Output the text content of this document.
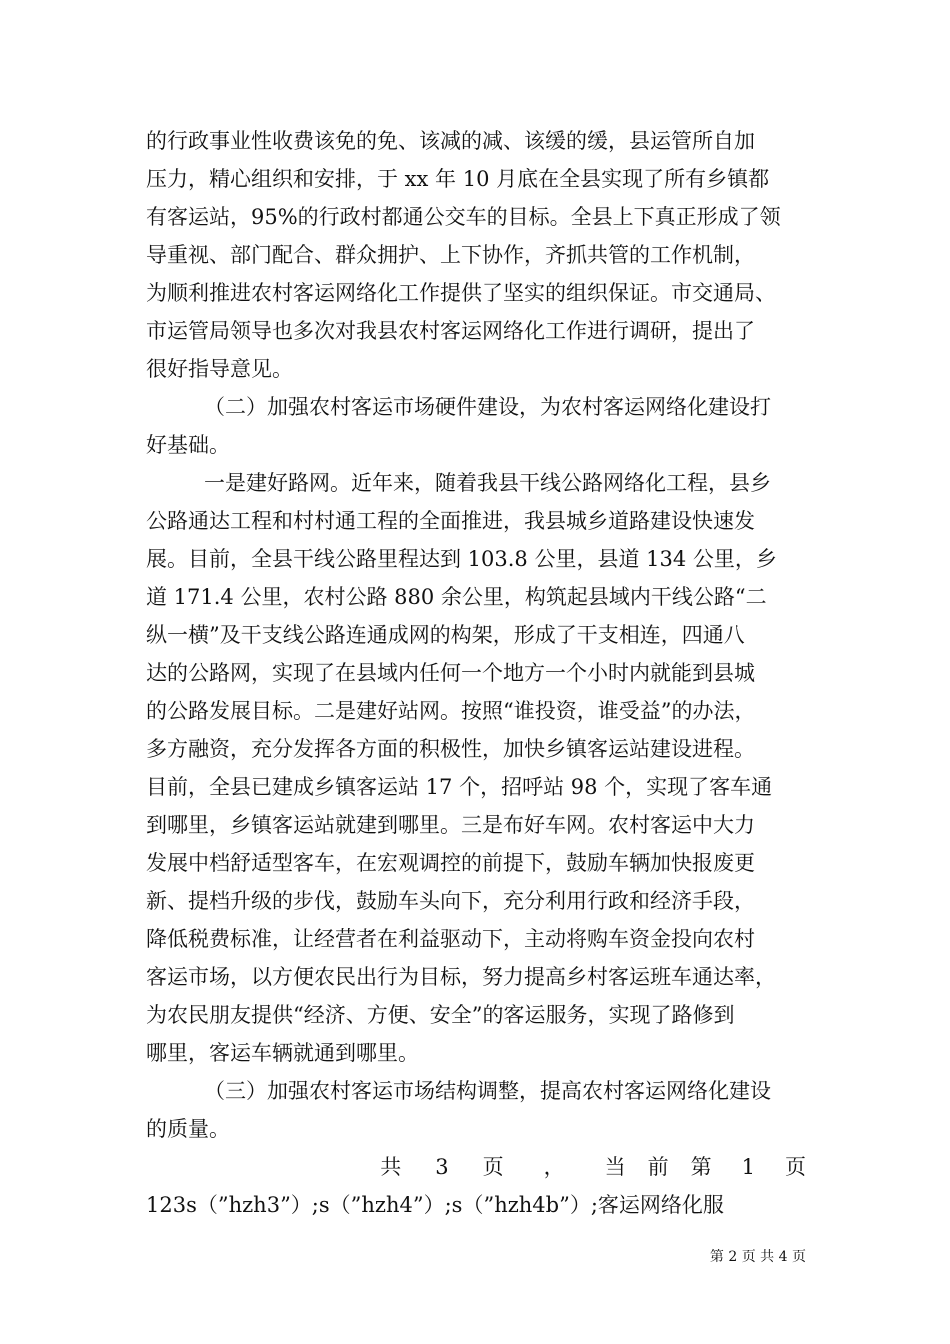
的行政事业性收费该免的免、该减的减、该缓的缓，县运管所自加
压力，精心组织和安排，于 xx 年 10 月底在全县实现了所有乡镇都
有客运站，95%的行政村都通公交车的目标。全县上下真正形成了领
导重视、部门配合、群众拥护、上下协作，齐抓共管的工作机制，
为顺利推进农村客运网络化工作提供了坚实的组织保证。市交通局、
市运管局领导也多次对我县农村客运网络化工作进行调研，提出了
很好指导意见。
（二）加强农村客运市场硬件建设，为农村客运网络化建设打
好基础。
一是建好路网。近年来，随着我县干线公路网络化工程，县乡
公路通达工程和村村通工程的全面推进，我县城乡道路建设快速发
展。目前，全县干线公路里程达到 103.8 公里，县道 134 公里，乡
道 171.4 公里，农村公路 880 余公里，构筑起县域内干线公路“二
纵一横”及干支线公路连通成网的构架，形成了干支相连，四通八
达的公路网，实现了在县域内任何一个地方一个小时内就能到县城
的公路发展目标。二是建好站网。按照“谁投资，谁受益”的办法，
多方融资，充分发挥各方面的积极性，加快乡镇客运站建设进程。
目前，全县已建成乡镇客运站 17 个，招呼站 98 个，实现了客车通
到哪里，乡镇客运站就建到哪里。三是布好车网。农村客运中大力
发展中档舒适型客车，在宏观调控的前提下，鼓励车辆加快报废更
新、提档升级的步伐，鼓励车头向下，充分利用行政和经济手段，
降低税费标准，让经营者在利益驱动下，主动将购车资金投向农村
客运市场，以方便农民出行为目标，努力提高乡村客运班车通达率，
为农民朋友提供“经济、方便、安全”的客运服务，实现了路修到
哪里，客运车辆就通到哪里。
（三）加强农村客运市场结构调整，提高农村客运网络化建设
的质量。
共 3 页 ， 当 前 第 1 页
123s（”hzh3”）;s（”hzh4”）;s（”hzh4b”）;客运网络化服
第 2 页 共 4 页
